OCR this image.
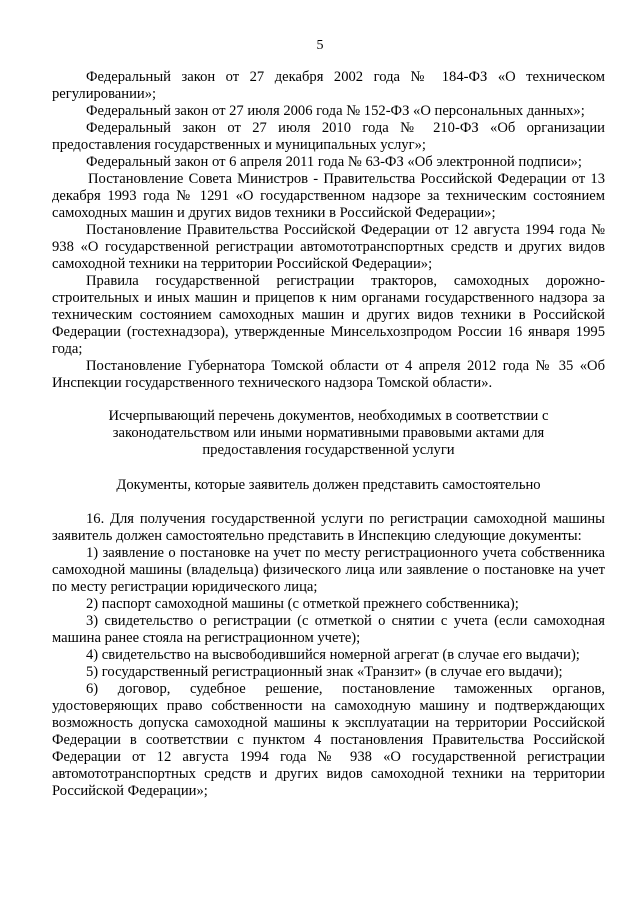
5

Федеральный закон от 27 декабря 2002 года № 184-ФЗ «О техническом регулировании»;

Федеральный закон от 27 июля 2006 года № 152-ФЗ «О персональных данных»;

Федеральный закон от 27 июля 2010 года № 210-ФЗ «Об организации предоставления государственных и муниципальных услуг»;

Федеральный закон от 6 апреля 2011 года № 63-ФЗ «Об электронной подписи»;

Постановление Совета Министров - Правительства Российской Федерации от 13 декабря 1993 года № 1291 «О государственном надзоре за техническим состоянием самоходных машин и других видов техники в Российской Федерации»;

Постановление Правительства Российской Федерации от 12 августа 1994 года № 938 «О государственной регистрации автомототранспортных средств и других видов самоходной техники на территории Российской Федерации»;

Правила государственной регистрации тракторов, самоходных дорожно-строительных и иных машин и прицепов к ним органами государственного надзора за техническим состоянием самоходных машин и других видов техники в Российской Федерации (гостехнадзора), утвержденные Минсельхозпродом России 16 января 1995 года;

Постановление Губернатора Томской области от 4 апреля 2012 года № 35 «Об Инспекции государственного технического надзора Томской области».

Исчерпывающий перечень документов, необходимых в соответствии с законодательством или иными нормативными правовыми актами для предоставления государственной услуги

Документы, которые заявитель должен представить самостоятельно

16. Для получения государственной услуги по регистрации самоходной машины заявитель должен самостоятельно представить в Инспекцию следующие документы:

1) заявление о постановке на учет по месту регистрационного учета собственника самоходной машины (владельца) физического лица или заявление о постановке на учет по месту регистрации юридического лица;

2) паспорт самоходной машины (с отметкой прежнего собственника);

3) свидетельство о регистрации (с отметкой о снятии с учета (если самоходная машина ранее стояла на регистрационном учете);

4) свидетельство на высвободившийся номерной агрегат (в случае его выдачи);

5) государственный регистрационный знак «Транзит» (в случае его выдачи);

6) договор, судебное решение, постановление таможенных органов, удостоверяющих право собственности на самоходную машину и подтверждающих возможность допуска самоходной машины к эксплуатации на территории Российской Федерации в соответствии с пунктом 4 постановления Правительства Российской Федерации от 12 августа 1994 года № 938 «О государственной регистрации автомототранспортных средств и других видов самоходной техники на территории Российской Федерации»;
